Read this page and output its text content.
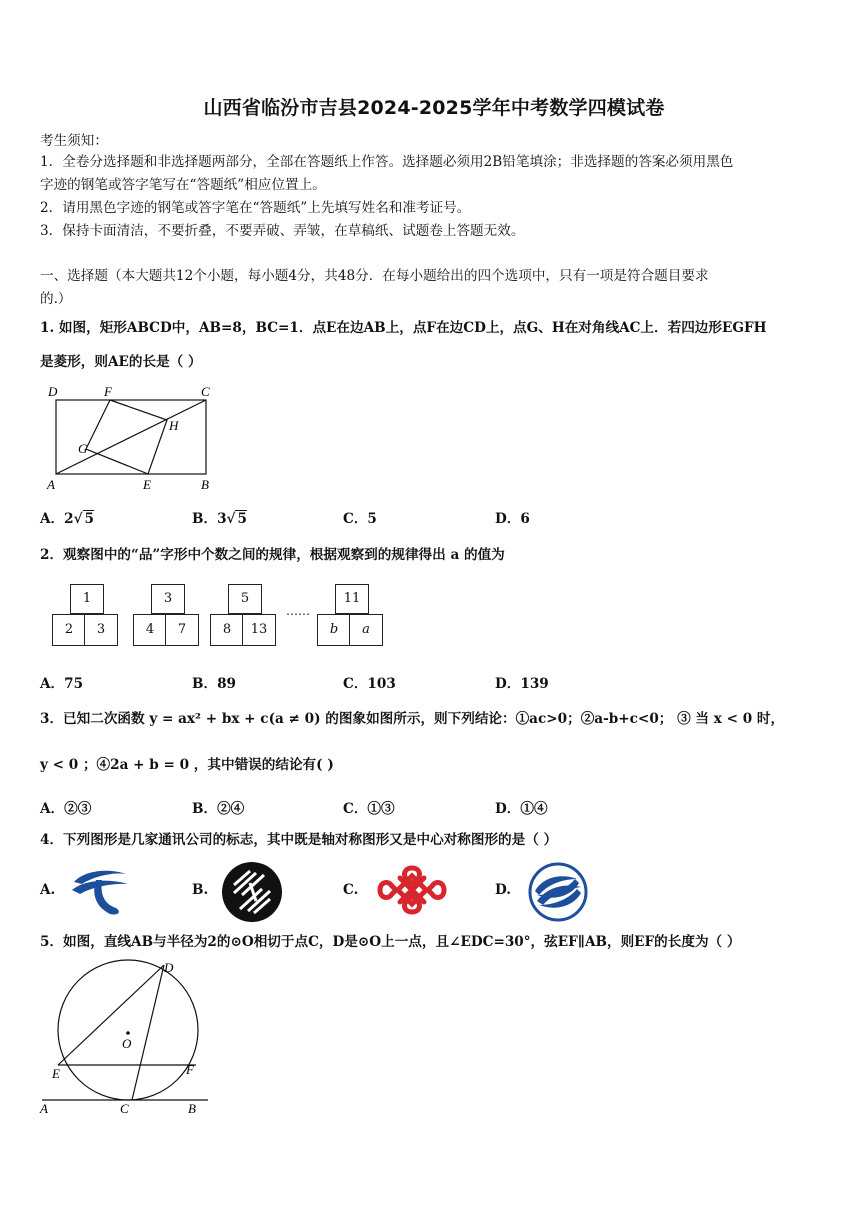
山西省临汾市吉县2024-2025学年中考数学四模试卷
考生须知：
1．全卷分选择题和非选择题两部分，全部在答题纸上作答。选择题必须用2B铅笔填涂；非选择题的答案必须用黑色
字迹的钢笔或答字笔写在“答题纸”相应位置上。
2．请用黑色字迹的钢笔或答字笔在“答题纸”上先填写姓名和准考证号。
3．保持卡面清洁，不要折叠，不要弄破、弄皱，在草稿纸、试题卷上答题无效。
一、选择题（本大题共12个小题，每小题4分，共48分．在每小题给出的四个选项中，只有一项是符合题目要求
的.）
1. 如图，矩形ABCD中，AB=8，BC=1．点E在边AB上，点F在边CD上，点G、H在对角线AC上．若四边形EGFH
是菱形，则AE的长是（ ）
D	F	C
H
G
A	E	B
A．2√ 5	B．3√ 5	C．5	D．6
2．观察图中的“品”字形中个数之间的规律，根据观察到的规律得出 a 的值为
1
2	3
3
4	7
5
8	13
……
11
b	a
A．75	B．89	C．103	D．139
3．已知二次函数 y = ax² + bx + c(a ≠ 0) 的图象如图所示，则下列结论：①ac>0；②a-b+c<0； ③ 当 x < 0 时，
y < 0 ；④2a + b = 0 ，其中错误的结论有( )
A．②③	B．②④	C．①③	D．①④
4．下列图形是几家通讯公司的标志，其中既是轴对称图形又是中心对称图形的是（ ）
A.	B.	C.	D.
5．如图，直线AB与半径为2的⊙O相切于点C，D是⊙O上一点，且∠EDC=30°，弦EF∥AB，则EF的长度为（ ）
D
O
E	F
A	C	B
